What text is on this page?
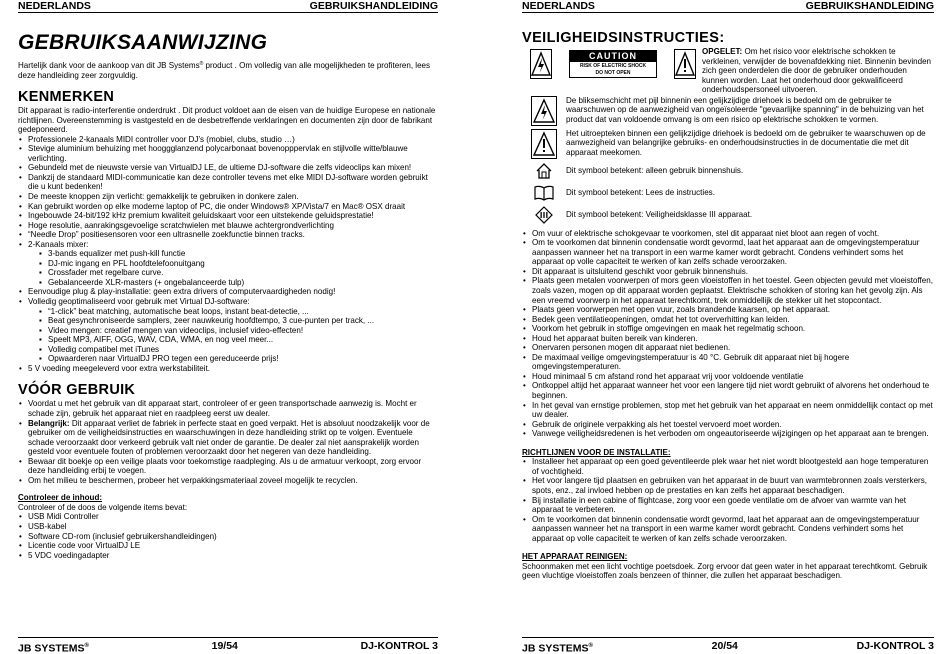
NEDERLANDS	GEBRUIKSHANDLEIDING
GEBRUIKSAANWIJZING

Hartelijk dank voor de aankoop van dit JB Systems® product . Om volledig van alle mogelijkheden te profiteren, lees deze handleiding zeer zorgvuldig.

KENMERKEN

Dit apparaat is radio-interferentie onderdrukt . Dit product voldoet aan de eisen van de huidige Europese en nationale richtlijnen. Overeenstemming is vastgesteld en de desbetreffende verklaringen en documenten zijn door de fabrikant gedeponeerd.

• Professionele 2-kanaals MIDI controller voor DJ’s (mobiel, clubs, studio …)
• Stevige aluminium behuizing met hooggglanzend polycarbonaat bovenopppervlak en stijlvolle witte/blauwe verlichting.
• Gebundeld met de nieuwste versie van VirtualDJ LE, de ultieme DJ-software die zelfs videoclips kan mixen!
• Dankzij de standaard MIDI-communicatie kan deze controller tevens met elke MIDI DJ-software worden gebruikt die u kunt bedenken!
• De meeste knoppen zijn verlicht: gemakkelijk te gebruiken in donkere zalen.
• Kan gebruikt worden op elke moderne laptop of PC, die onder Windows® XP/Vista/7 en Mac® OSX draait
• Ingebouwde 24-bit/192 kHz premium kwaliteit geluidskaart voor een uitstekende geluidsprestatie!
• Hoge resolutie, aanrakingsgevoelige scratchwielen met blauwe achtergrondverlichting
• “Needle Drop” positiesensoren voor een ultrasnelle zoekfunctie binnen tracks.
• 2-Kanaals mixer:
▪ 3-bands equalizer met push-kill functie
▪ DJ-mic ingang en PFL hoofdtelefoonuitgang
▪ Crossfader met regelbare curve.
▪ Gebalanceerde XLR-masters (+ ongebalanceerde tulp)
• Eenvoudige plug & play-installatie: geen extra drivers of computervaardigheden nodig!
• Volledig geoptimaliseerd voor gebruik met Virtual DJ-software:
▪ “1-click” beat matching, automatische beat loops, instant beat-detectie, ...
▪ Beat gesynchroniseerde samplers, zeer nauwkeurig hoofdtempo, 3 cue-punten per track, ...
▪ Video mengen: creatief mengen van videoclips, inclusief video-effecten!
▪ Speelt MP3, AIFF, OGG, WAV, CDA, WMA, en nog veel meer...
▪ Volledig compatibel met iTunes
▪ Opwaarderen naar VirtualDJ PRO tegen een gereduceerde prijs!
• 5 V voeding meegeleverd voor extra werkstabiliteit.
VÓÓR GEBRUIK
• Voordat u met het gebruik van dit apparaat start, controleer of er geen transportschade aanwezig is. Mocht er schade zijn, gebruik het apparaat niet en raadpleeg eerst uw dealer.
• Belangrijk: Dit apparaat verliet de fabriek in perfecte staat en goed verpakt. Het is absoluut noodzakelijk voor de gebruiker om de veiligheidsinstructies en waarschuwingen in deze handleiding strikt op te volgen. Eventuele schade veroorzaakt door verkeerd gebruik valt niet onder de garantie. De dealer zal niet aansprakelijk worden gesteld voor eventuele fouten of problemen veroorzaakt door het negeren van deze handleiding.
• Bewaar dit boekje op een veilige plaats voor toekomstige raadpleging. Als u de armatuur verkoopt, zorg ervoor deze handleiding erbij te voegen.
• Om het milieu te beschermen, probeer het verpakkingsmateriaal zoveel mogelijk te recyclen.

Controleer de inhoud:

Controleer of de doos de volgende items bevat:

• USB Midi Controller
• USB-kabel
• Software CD-rom (inclusief gebruikershandleidingen)
• Licentie code voor VirtualDJ LE
• 5 VDC voedingadapter
JB SYSTEMS®	19/54	DJ-KONTROL 3
NEDERLANDS	GEBRUIKSHANDLEIDING
VEILIGHEIDSINSTRUCTIES:
CAUTION
RISK OF ELECTRIC SHOCK
DO NOT OPEN

OPGELET: Om het risico voor elektrische schokken te verkleinen, verwijder de bovenafdekking niet. Binnenin bevinden zich geen onderdelen die door de gebruiker onderhouden kunnen worden. Laat het onderhoud door gekwalificeerd onderhoudspersoneel uitvoeren.

De bliksemschicht met pijl binnenin een gelijkzijdige driehoek is bedoeld om de gebruiker te waarschuwen op de aanwezigheid van ongeïsoleerde "gevaarlijke spanning" in de behuizing van het product dat van voldoende omvang is om een risico op elektrische schokken te vormen.

Het uitroepteken binnen een gelijkzijdige driehoek is bedoeld om de gebruiker te waarschuwen op de aanwezigheid van belangrijke gebruiks- en onderhoudsinstructies in de documentatie die met dit apparaat meekomen.

Dit symbool betekent: alleen gebruik binnenshuis.

Dit symbool betekent: Lees de instructies.

Dit symbool betekent: Veiligheidsklasse III apparaat.

• Om vuur of elektrische schokgevaar te voorkomen, stel dit apparaat niet bloot aan regen of vocht.
• Om te voorkomen dat binnenin condensatie wordt gevormd, laat het apparaat aan de omgevingstemperatuur aanpassen wanneer het na transport in een warme kamer wordt gebracht. Condens verhindert soms het apparaat op volle capaciteit te werken of kan zelfs schade veroorzaken.
• Dit apparaat is uitsluitend geschikt voor gebruik binnenshuis.
• Plaats geen metalen voorwerpen of mors geen vloeistoffen in het toestel. Geen objecten gevuld met vloeistoffen, zoals vazen, mogen op dit apparaat worden geplaatst. Elektrische schokken of storing kan het gevolg zijn. Als een vreemd voorwerp in het apparaat terechtkomt, trek onmiddellijk de stekker uit het stopcontact.
• Plaats geen voorwerpen met open vuur, zoals brandende kaarsen, op het apparaat.
• Bedek geen ventilatieopeningen, omdat het tot oververhitting kan leiden.
• Voorkom het gebruik in stoffige omgevingen en maak het regelmatig schoon.
• Houd het apparaat buiten bereik van kinderen.
• Onervaren personen mogen dit apparaat niet bedienen.
• De maximaal veilige omgevingstemperatuur is 40 °C. Gebruik dit apparaat niet bij hogere omgevingstemperaturen.
• Houd minimaal 5 cm afstand rond het apparaat vrij voor voldoende ventilatie
• Ontkoppel altijd het apparaat wanneer het voor een langere tijd niet wordt gebruikt of alvorens het onderhoud te beginnen.
• In het geval van ernstige problemen, stop met het gebruik van het apparaat en neem onmiddellijk contact op met uw dealer.
• Gebruik de originele verpakking als het toestel vervoerd moet worden.
• Vanwege veiligheidsredenen is het verboden om ongeautoriseerde wijzigingen op het apparaat aan te brengen.

RICHTLIJNEN VOOR DE INSTALLATIE:

• Installeer het apparaat op een goed geventileerde plek waar het niet wordt blootgesteld aan hoge temperaturen of vochtigheid.
• Het voor langere tijd plaatsen en gebruiken van het apparaat in de buurt van warmtebronnen zoals versterkers, spots, enz., zal invloed hebben op de prestaties en kan zelfs het apparaat beschadigen.
• Bij installatie in een cabine of flightcase, zorg voor een goede ventilatie om de afvoer van warmte van het apparaat te verbeteren.
• Om te voorkomen dat binnenin condensatie wordt gevormd, laat het apparaat aan de omgevingstemperatuur aanpassen wanneer het na transport in een warme kamer wordt gebracht. Condens verhindert soms het apparaat op volle capaciteit te werken of kan zelfs schade veroorzaken.

HET APPARAAT REINIGEN:

Schoonmaken met een licht vochtige poetsdoek. Zorg ervoor dat geen water in het apparaat terechtkomt. Gebruik geen vluchtige vloeistoffen zoals benzeen of thinner, die zullen het apparaat beschadigen.

JB SYSTEMS®	20/54	DJ-KONTROL 3
